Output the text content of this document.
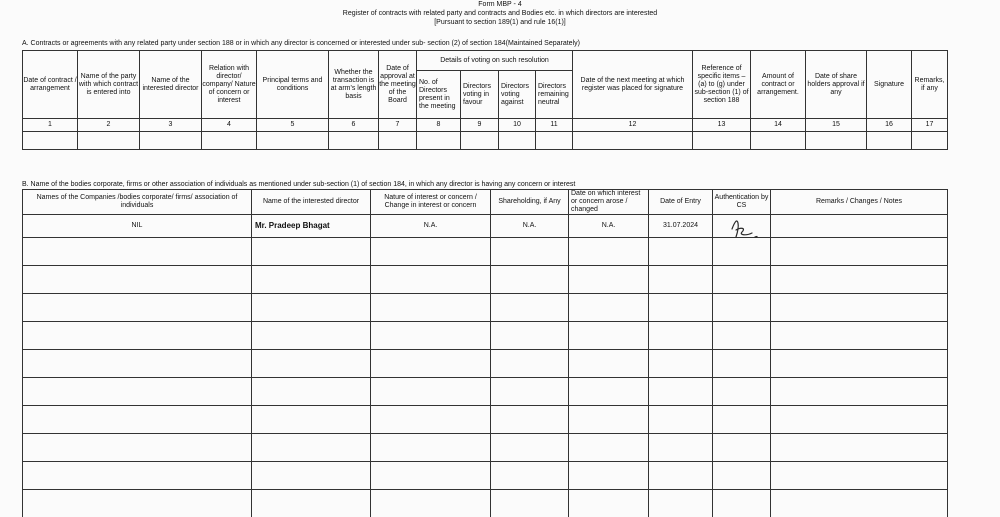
Form MBP - 4
Register of contracts with related party and contracts and Bodies etc. in which directors are interested
[Pursuant to section 189(1) and rule 16(1)]
A. Contracts or agreements with any related party under section 188 or in which any director is concerned or interested under sub- section (2) of section 184(Maintained Separately)
Date of contract / arrangement	Name of the party with which contract is entered into	Name of the interested director	Relation with director/ company/ Nature of concern or interest	Principal terms and conditions	Whether the transaction is at arm's length basis	Date of approval at the meeting of the Board	Details of voting on such resolution				Date of the next meeting at which register was placed for signature	Reference of specific items – (a) to (g) under sub-section (1) of section 188	Amount of contract or arrangement.	Date of share holders approval if any	Signature	Remarks, if any
							No. of Directors present in the meeting	Directors voting in favour	Directors voting against	Directors remaining neutral						
1	2	3	4	5	6	7	8	9	10	11	12	13	14	15	16	17

B. Name of the bodies corporate, firms or other association of individuals as mentioned under sub-section (1) of section 184, in which any director is having any concern or interest
Names of the Companies /bodies corporate/ firms/ association of individuals	Name of the interested director	Nature of interest or concern / Change in interest or concern	Shareholding, if Any	Date on which interest or concern arose / changed	Date of Entry	Authentication by CS	Remarks / Changes / Notes
NIL	Mr. Pradeep Bhagat	N.A.	N.A.	N.A.	31.07.2024		
